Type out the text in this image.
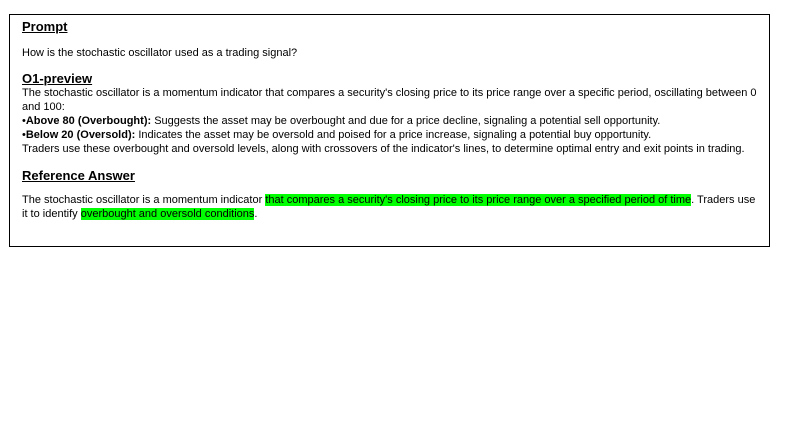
Prompt

How is the stochastic oscillator used as a trading signal?

O1-preview

The stochastic oscillator is a momentum indicator that compares a security's closing price to its price range over a specific period, oscillating between 0 and 100:

•Above 80 (Overbought): Suggests the asset may be overbought and due for a price decline, signaling a potential sell opportunity.

•Below 20 (Oversold): Indicates the asset may be oversold and poised for a price increase, signaling a potential buy opportunity.

Traders use these overbought and oversold levels, along with crossovers of the indicator's lines, to determine optimal entry and exit points in trading.

Reference Answer

The stochastic oscillator is a momentum indicator that compares a security's closing price to its price range over a specified period of time. Traders use it to identify overbought and oversold conditions.
